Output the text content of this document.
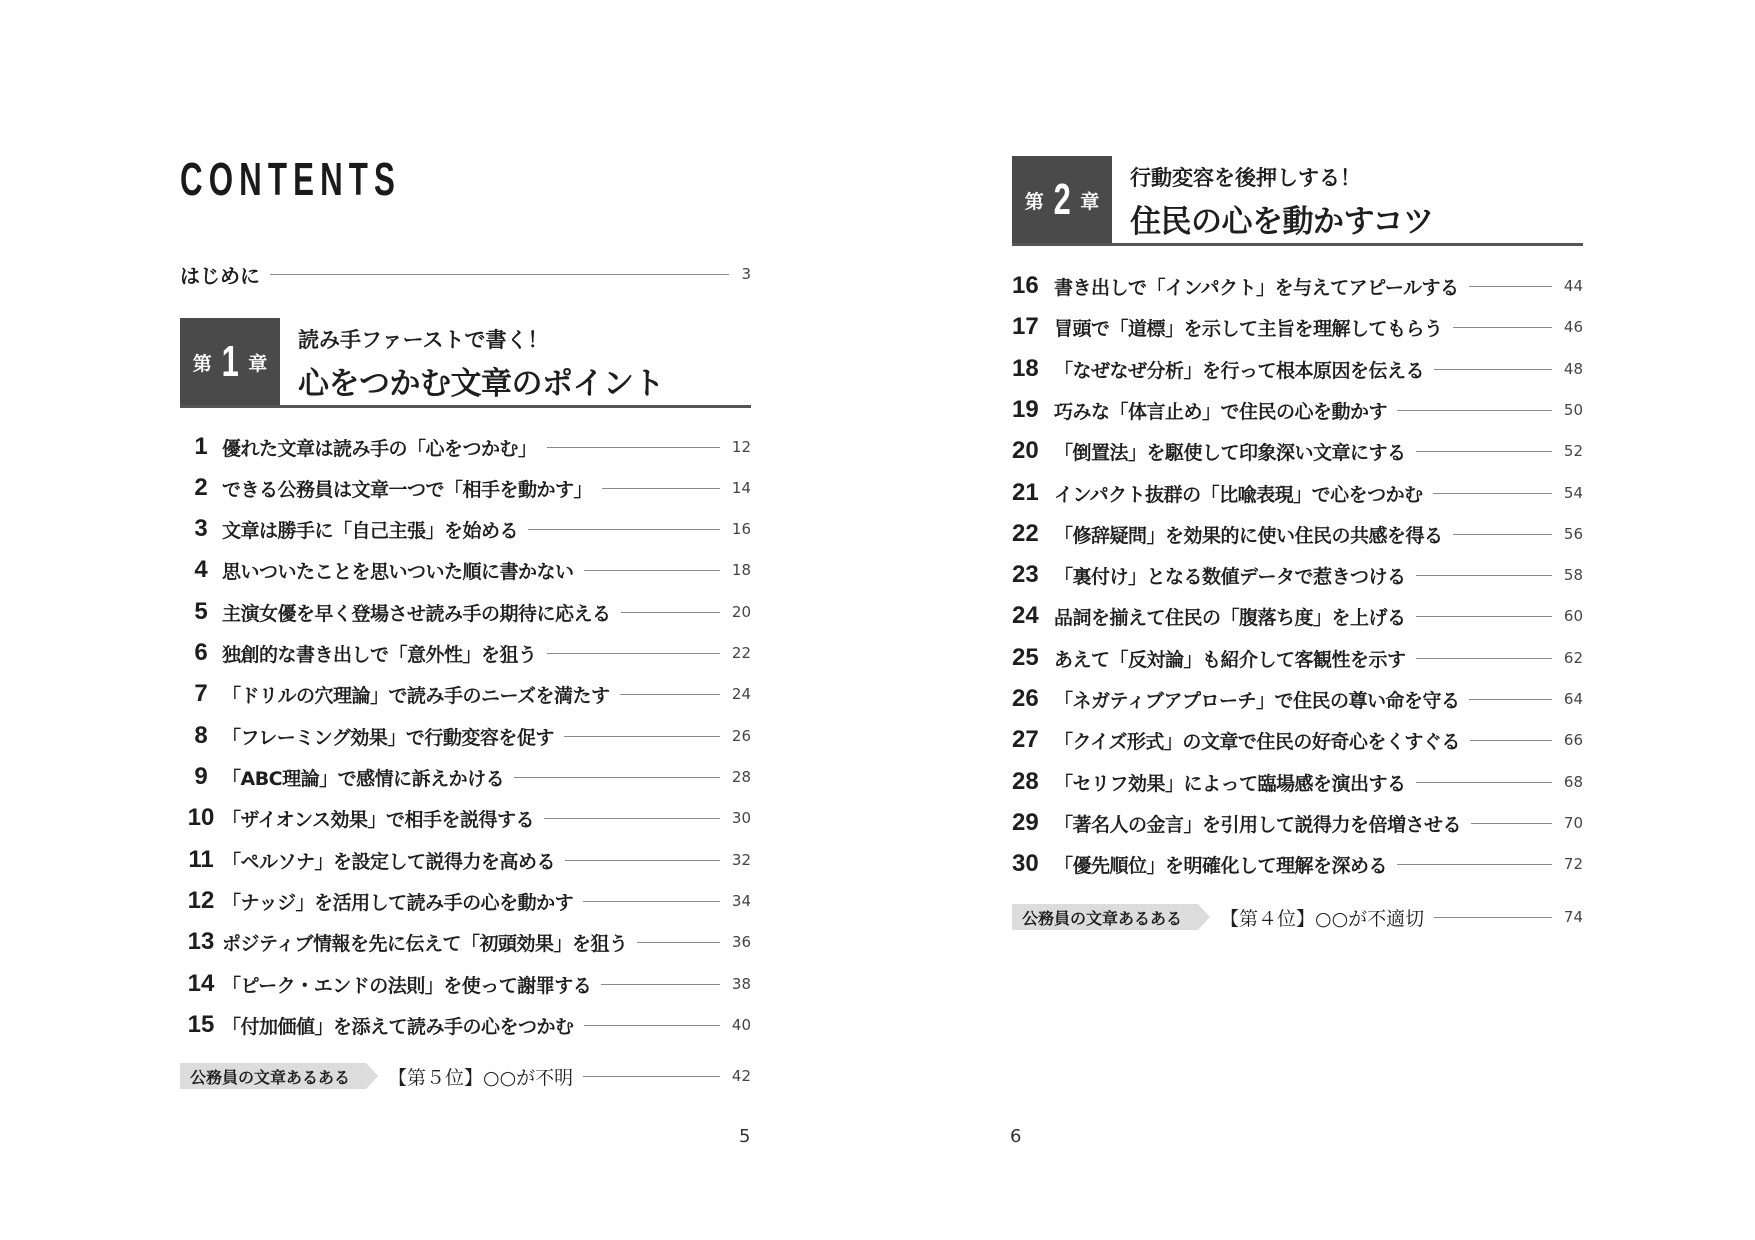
CONTENTS
はじめに	3
第 1 章
読み手ファーストで書く！
心をつかむ文章のポイント
1 優れた文章は読み手の「心をつかむ」	12
2 できる公務員は文章一つで「相手を動かす」	14
3 文章は勝手に「自己主張」を始める	16
4 思いついたことを思いついた順に書かない	18
5 主演女優を早く登場させ読み手の期待に応える	20
6 独創的な書き出しで「意外性」を狙う	22
7 「ドリルの穴理論」で読み手のニーズを満たす	24
8 「フレーミング効果」で行動変容を促す	26
9 「ABC理論」で感情に訴えかける	28
10 「ザイオンス効果」で相手を説得する	30
11 「ペルソナ」を設定して説得力を高める	32
12 「ナッジ」を活用して読み手の心を動かす	34
13 ポジティブ情報を先に伝えて「初頭効果」を狙う	36
14 「ピーク・エンドの法則」を使って謝罪する	38
15 「付加価値」を添えて読み手の心をつかむ	40
公務員の文章あるある	【第５位】○○が不明	42
5
第 2 章
行動変容を後押しする！
住民の心を動かすコツ
16 書き出しで「インパクト」を与えてアピールする	44
17 冒頭で「道標」を示して主旨を理解してもらう	46
18 「なぜなぜ分析」を行って根本原因を伝える	48
19 巧みな「体言止め」で住民の心を動かす	50
20 「倒置法」を駆使して印象深い文章にする	52
21 インパクト抜群の「比喩表現」で心をつかむ	54
22 「修辞疑問」を効果的に使い住民の共感を得る	56
23 「裏付け」となる数値データで惹きつける	58
24 品詞を揃えて住民の「腹落ち度」を上げる	60
25 あえて「反対論」も紹介して客観性を示す	62
26 「ネガティブアプローチ」で住民の尊い命を守る	64
27 「クイズ形式」の文章で住民の好奇心をくすぐる	66
28 「セリフ効果」によって臨場感を演出する	68
29 「著名人の金言」を引用して説得力を倍増させる	70
30 「優先順位」を明確化して理解を深める	72
公務員の文章あるある	【第４位】○○が不適切	74
6
